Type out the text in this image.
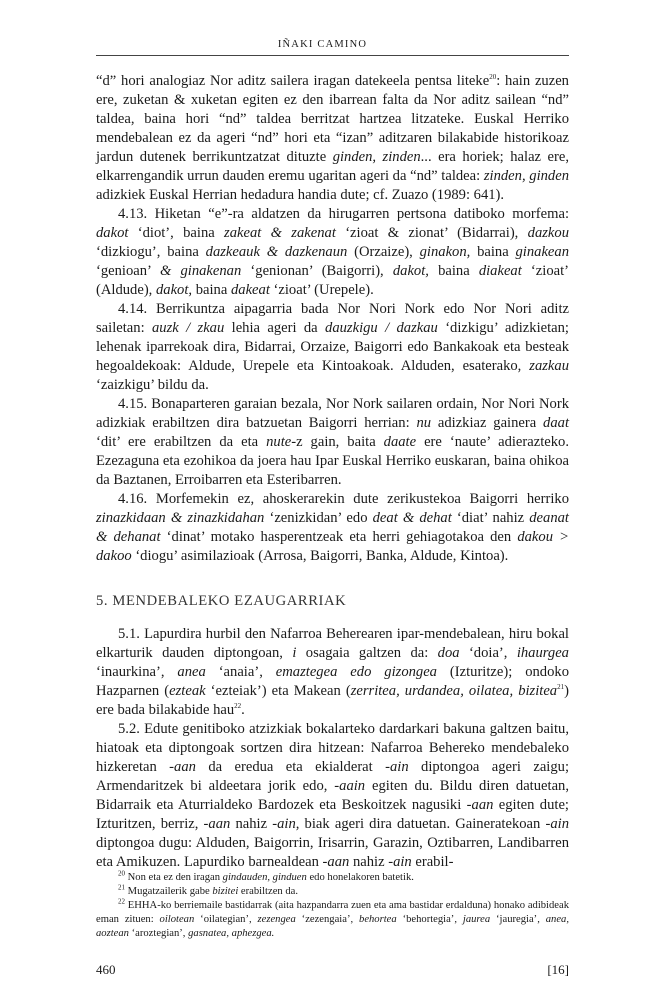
IÑAKI CAMINO

“d” hori analogiaz Nor aditz sailera iragan datekeela pentsa liteke$^{20}$: hain zuzen ere, zuketan & xuketan egiten ez den ibarrean falta da Nor aditz sailean “nd” taldea, baina hori “nd” taldea berritzat hartzea litzateke. Euskal Herriko mendebalean ez da ageri “nd” hori eta “izan” aditzaren bilakabide historikoaz jardun dutenek berrikuntzatzat dituzte ginden, zinden... era horiek; halaz ere, elkarrengandik urrun dauden eremu ugaritan ageri da “nd” taldea: zinden, ginden adizkiek Euskal Herrian hedadura handia dute; cf. Zuazo (1989: 641).

4.13. Hiketan “e”-ra aldatzen da hirugarren pertsona datiboko morfema: dakot ‘diot’, baina zakeat & zakenat ‘zioat & zionat’ (Bidarrai), dazkou ‘dizkiogu’, baina dazkeauk & dazkenaun (Orzaize), ginakon, baina ginakean ‘genioan’ & ginakenan ‘genionan’ (Baigorri), dakot, baina diakeat ‘zioat’ (Aldude), dakot, baina dakeat ‘zioat’ (Urepele).

4.14. Berrikuntza aipagarria bada Nor Nori Nork edo Nor Nori aditz sailetan: auzk / zkau lehia ageri da dauzkigu / dazkau ‘dizkigu’ adizkietan; lehenak iparrekoak dira, Bidarrai, Orzaize, Baigorri edo Bankakoak eta besteak hegoaldekoak: Aldude, Urepele eta Kintoakoak. Alduden, esaterako, zazkau ‘zaizkigu’ bildu da.

4.15. Bonaparteren garaian bezala, Nor Nork sailaren ordain, Nor Nori Nork adizkiak erabiltzen dira batzuetan Baigorri herrian: nu adizkiaz gainera daat ‘dit’ ere erabiltzen da eta nute-z gain, baita daate ere ‘naute’ adierazteko. Ezezaguna eta ezohikoa da joera hau Ipar Euskal Herriko euskaran, baina ohikoa da Baztanen, Erroibarren eta Esteribarren.

4.16. Morfemekin ez, ahoskerarekin dute zerikustekoa Baigorri herriko zinazkidaan & zinazkidahan ‘zenizkidan’ edo deat & dehat ‘diat’ nahiz deanat & dehanat ‘dinat’ motako hasperentzeak eta herri gehiagotakoa den dakou > dakoo ‘diogu’ asimilazioak (Arrosa, Baigorri, Banka, Aldude, Kintoa).

5. MENDEBALEKO EZAUGARRIAK

5.1. Lapurdira hurbil den Nafarroa Beherearen ipar-mendebalean, hiru bokal elkarturik dauden diptongoan, i osagaia galtzen da: doa ‘doia’, ihaurgea ‘inaurkina’, anea ‘anaia’, emaztegea edo gizongea (Izturitze); ondoko Hazparnen (ezteak ‘ezteiak’) eta Makean (zerritea, urdandea, oilatea, bizitea$^{21}$) ere bada bilakabide hau$^{22}$.

5.2. Edute genitiboko atzizkiak bokalarteko dardarkari bakuna galtzen baitu, hiatoak eta diptongoak sortzen dira hitzean: Nafarroa Behereko mendebaleko hizkeretan -aan da eredua eta ekialderat -ain diptongoa ageri zaigu; Armendaritzek bi aldeetara jorik edo, -aain egiten du. Bildu diren datuetan, Bidarraik eta Aturrialdeko Bardozek eta Beskoitzek nagusiki -aan egiten dute; Izturitzen, berriz, -aan nahiz -ain, biak ageri dira datuetan. Gaineratekoan -ain diptongoa dugu: Alduden, Baigorrin, Irisarrin, Garazin, Oztibarren, Landibarren eta Amikuzen. Lapurdiko barnealdean -aan nahiz -ain erabil-

$^{20}$ Non eta ez den iragan gindauden, ginduen edo honelakoren batetik.

$^{21}$ Mugatzailerik gabe bizitei erabiltzen da.

$^{22}$ EHHA-ko berriemaile bastidarrak (aita hazpandarra zuen eta ama bastidar erdalduna) honako adibideak eman zituen: oilotean ‘oilategian’, zezengea ‘zezengaia’, behortea ‘behortegia’, jaurea ‘jauregia’, anea, aoztean ‘aroztegian’, gasnatea, aphezgea.

460	[16]
